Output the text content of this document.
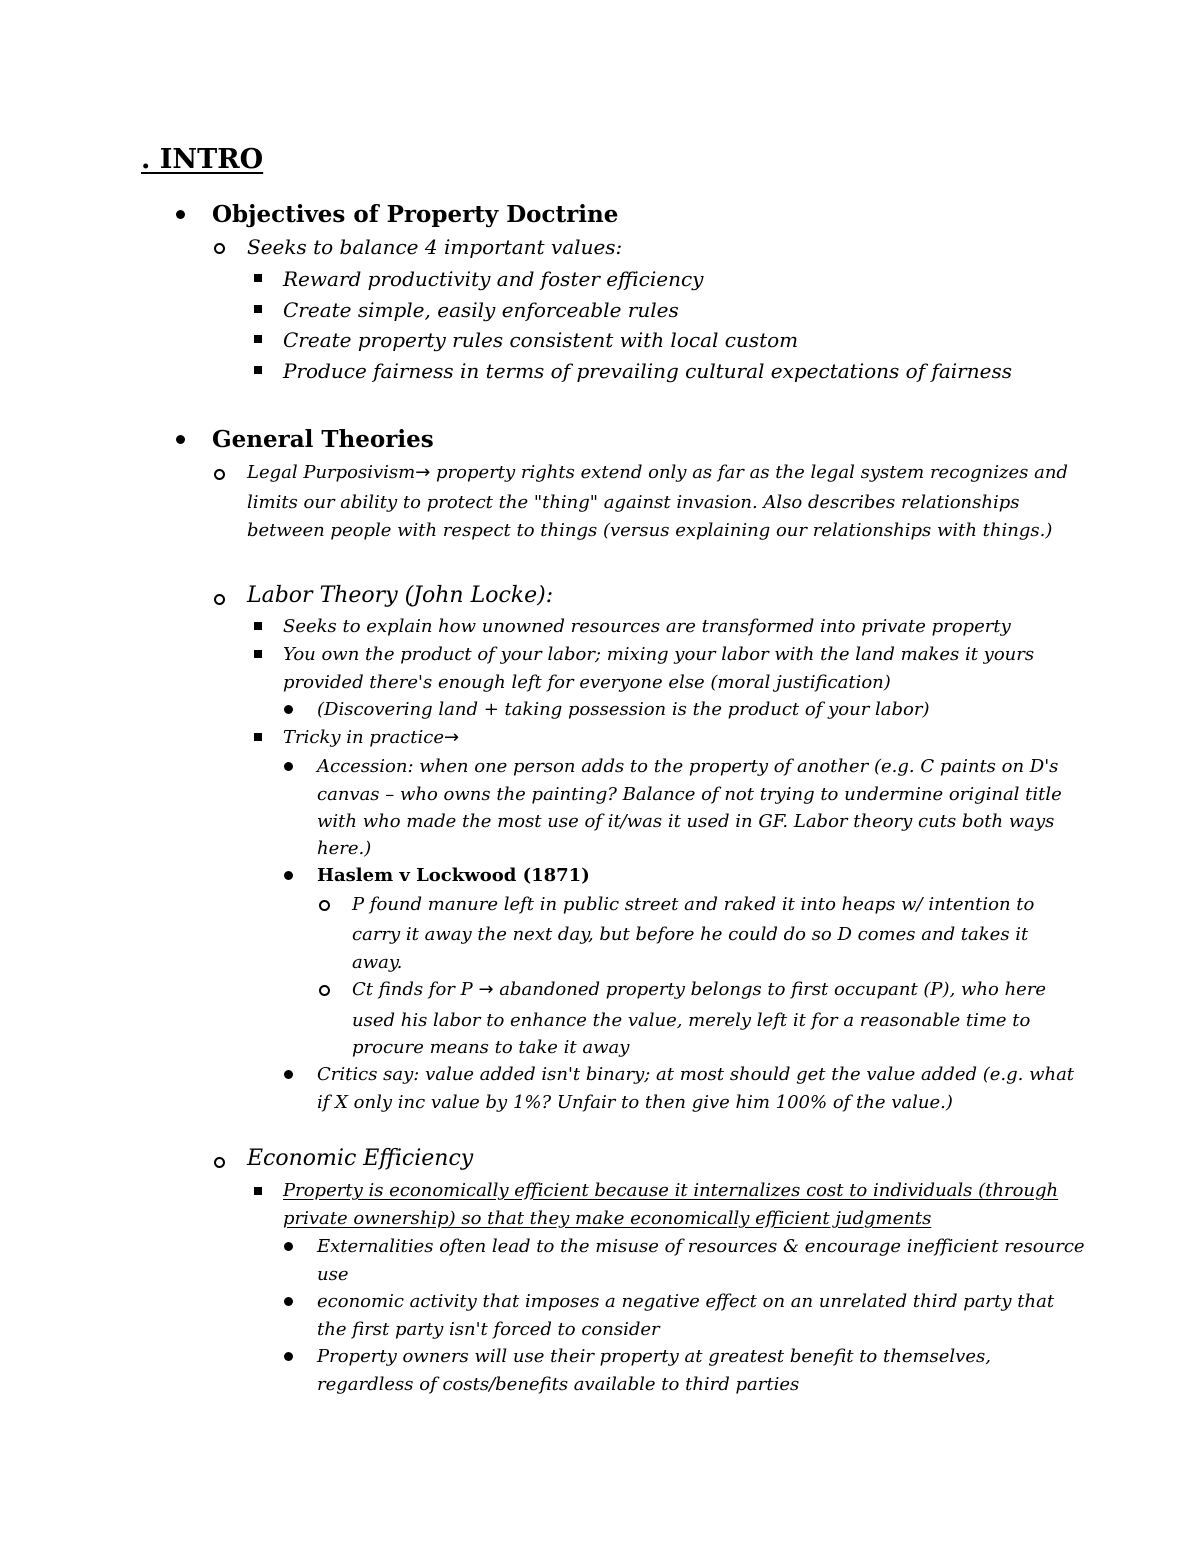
. INTRO
Objectives of Property Doctrine
Seeks to balance 4 important values:
Reward productivity and foster efficiency
Create simple, easily enforceable rules
Create property rules consistent with local custom
Produce fairness in terms of prevailing cultural expectations of fairness
General Theories
Legal Purposivism→ property rights extend only as far as the legal system recognizes and
limits our ability to protect the "thing" against invasion. Also describes relationships
between people with respect to things (versus explaining our relationships with things.)
Labor Theory (John Locke):
Seeks to explain how unowned resources are transformed into private property
You own the product of your labor; mixing your labor with the land makes it yours
provided there's enough left for everyone else (moral justification)
(Discovering land + taking possession is the product of your labor)
Tricky in practice→
Accession: when one person adds to the property of another (e.g. C paints on D's
canvas – who owns the painting? Balance of not trying to undermine original title
with who made the most use of it/was it used in GF. Labor theory cuts both ways
here.)
Haslem v Lockwood (1871)
P found manure left in public street and raked it into heaps w/ intention to
carry it away the next day, but before he could do so D comes and takes it
away.
Ct finds for P → abandoned property belongs to first occupant (P), who here
used his labor to enhance the value, merely left it for a reasonable time to
procure means to take it away
Critics say: value added isn't binary; at most should get the value added (e.g. what
if X only inc value by 1%? Unfair to then give him 100% of the value.)
Economic Efficiency
Property is economically efficient because it internalizes cost to individuals (through
private ownership) so that they make economically efficient judgments
Externalities often lead to the misuse of resources & encourage inefficient resource
use
economic activity that imposes a negative effect on an unrelated third party that
the first party isn't forced to consider
Property owners will use their property at greatest benefit to themselves,
regardless of costs/benefits available to third parties
